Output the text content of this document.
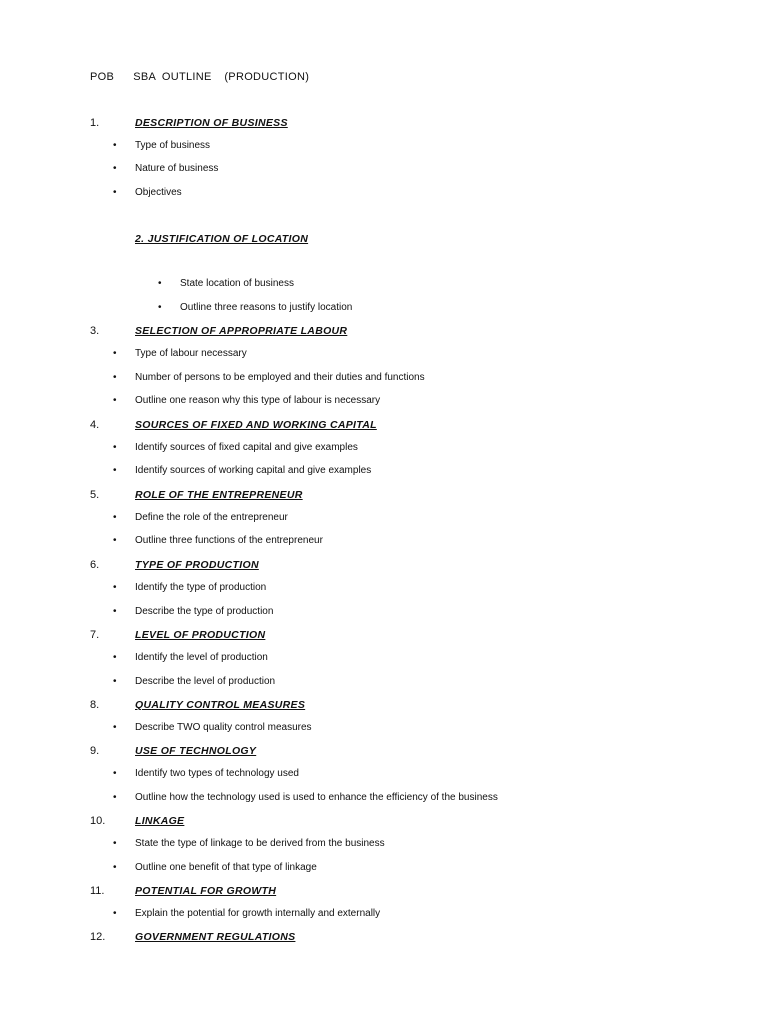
POB   SBA OUTLINE  (PRODUCTION)
1.	DESCRIPTION OF BUSINESS
• Type of business
• Nature of business
• Objectives
2. JUSTIFICATION OF LOCATION
• State location of business
• Outline three reasons to justify location
3.	SELECTION OF APPROPRIATE LABOUR
• Type of labour necessary
• Number of persons to be employed and their duties and functions
• Outline one reason why this type of labour is necessary
4.	SOURCES OF FIXED AND WORKING CAPITAL
• Identify sources of fixed capital and give examples
• Identify sources of working capital and give examples
5.	ROLE OF THE ENTREPRENEUR
• Define the role of the entrepreneur
• Outline three functions of the entrepreneur
6.	TYPE OF PRODUCTION
• Identify the type of production
• Describe the type of production
7.	LEVEL OF PRODUCTION
• Identify the level of production
• Describe the level of production
8.	QUALITY CONTROL MEASURES
• Describe TWO quality control measures
9.	USE OF TECHNOLOGY
• Identify two types of technology used
• Outline how the technology used is used to enhance the efficiency of the business
10.	LINKAGE
• State the type of linkage to be derived from the business
• Outline one benefit of that type of linkage
11.	POTENTIAL FOR GROWTH
• Explain the potential for growth internally and externally
12.	GOVERNMENT REGULATIONS
